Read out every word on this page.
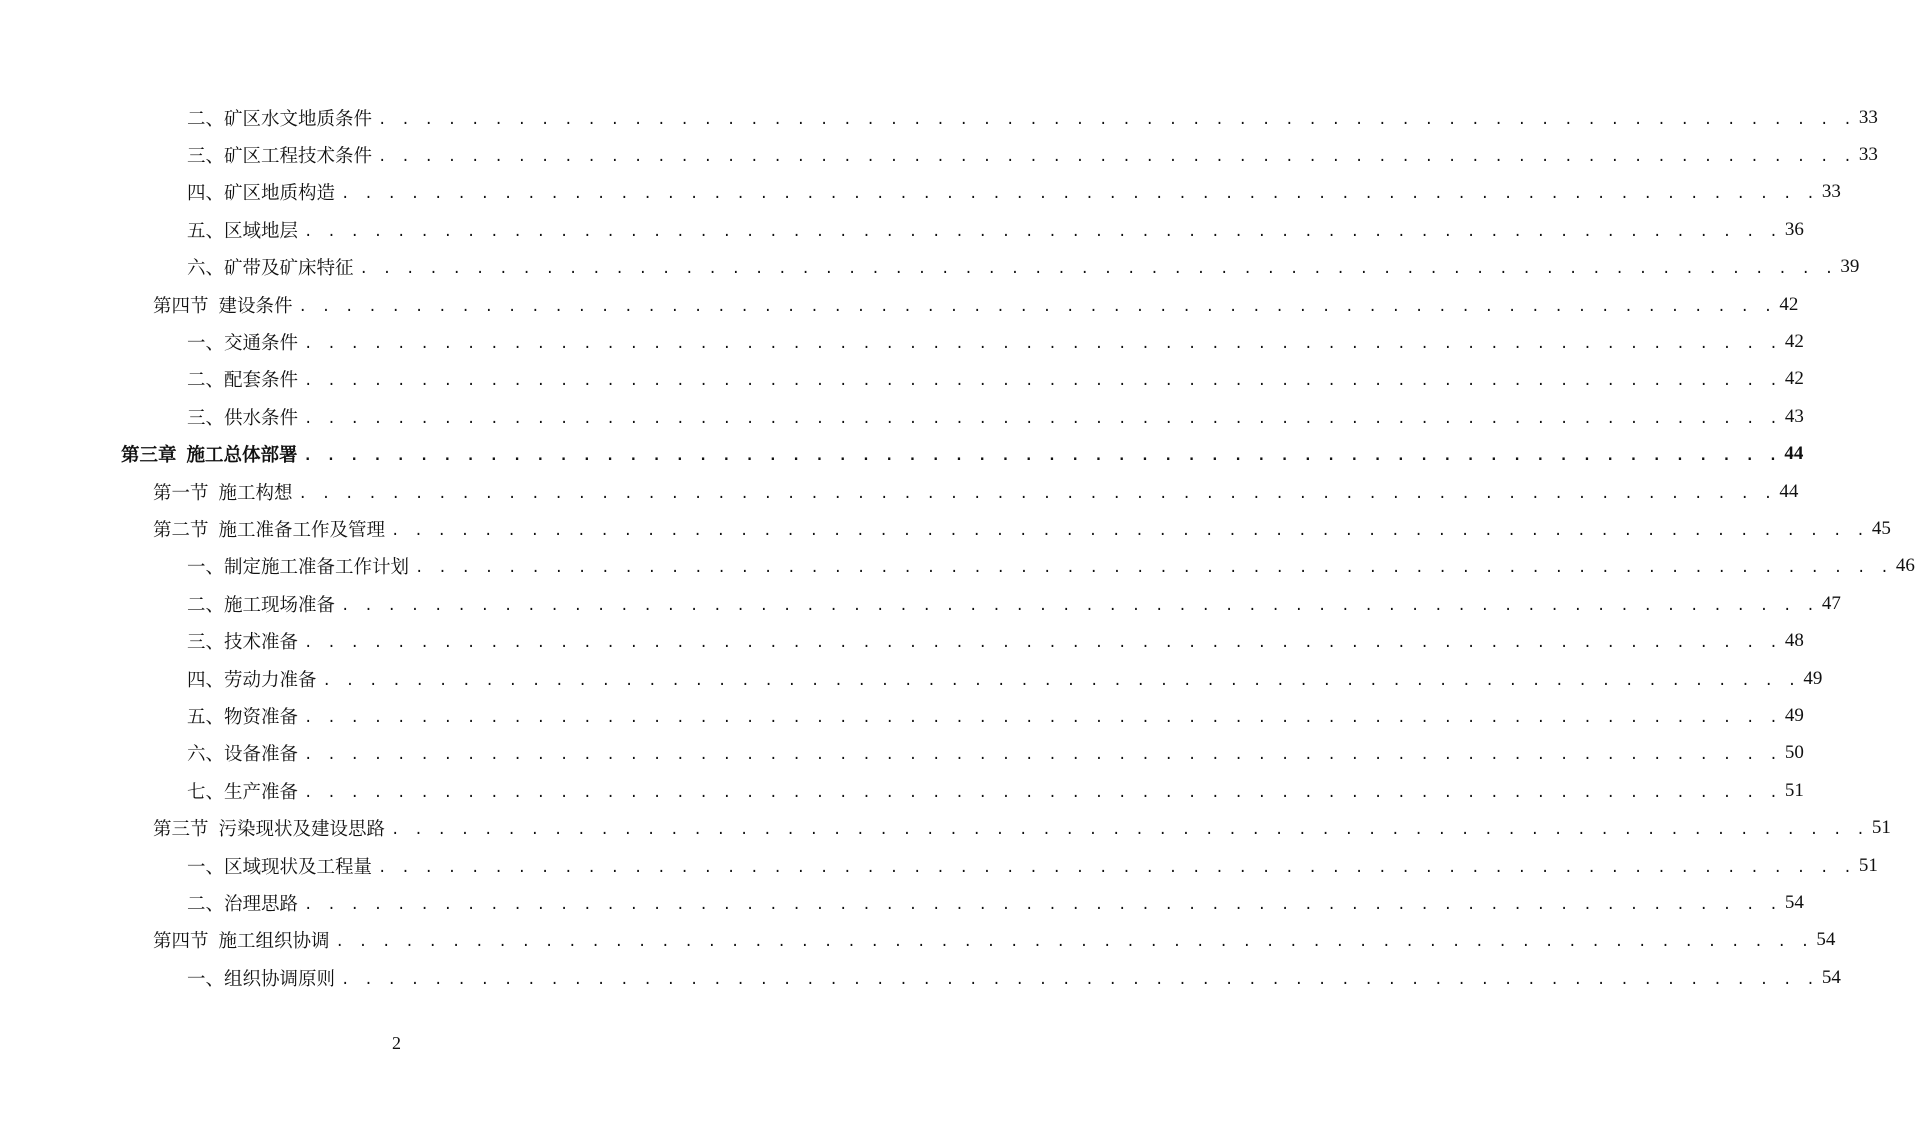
二、矿区水文地质条件 . . . . . . . . . . . . . . . . . . . . . . . . . . . . . . . . . . . . . . . . . . . . . . . . . . . . . . . . . . . . . . . . 33
三、矿区工程技术条件 . . . . . . . . . . . . . . . . . . . . . . . . . . . . . . . . . . . . . . . . . . . . . . . . . . . . . . . . . . . . . . . . 33
四、矿区地质构造 . . . . . . . . . . . . . . . . . . . . . . . . . . . . . . . . . . . . . . . . . . . . . . . . . . . . . . . . . . . . . . . . 33
五、区域地层 . . . . . . . . . . . . . . . . . . . . . . . . . . . . . . . . . . . . . . . . . . . . . . . . . . . . . . . . . . . . . . . . 36
六、矿带及矿床特征 . . . . . . . . . . . . . . . . . . . . . . . . . . . . . . . . . . . . . . . . . . . . . . . . . . . . . . . . . . . . . . . . 39
第四节 建设条件 . . . . . . . . . . . . . . . . . . . . . . . . . . . . . . . . . . . . . . . . . . . . . . . . . . . . . . . . . . . . . . . . 42
一、交通条件 . . . . . . . . . . . . . . . . . . . . . . . . . . . . . . . . . . . . . . . . . . . . . . . . . . . . . . . . . . . . . . . . 42
二、配套条件 . . . . . . . . . . . . . . . . . . . . . . . . . . . . . . . . . . . . . . . . . . . . . . . . . . . . . . . . . . . . . . . . 42
三、供水条件 . . . . . . . . . . . . . . . . . . . . . . . . . . . . . . . . . . . . . . . . . . . . . . . . . . . . . . . . . . . . . . . . 43
第三章 施工总体部署 . . . . . . . . . . . . . . . . . . . . . . . . . . . . . . . . . . . . . . . . . . . . . . . . . . . . . . . . . . . . . . . . 44
第一节 施工构想 . . . . . . . . . . . . . . . . . . . . . . . . . . . . . . . . . . . . . . . . . . . . . . . . . . . . . . . . . . . . . . . . 44
第二节 施工准备工作及管理 . . . . . . . . . . . . . . . . . . . . . . . . . . . . . . . . . . . . . . . . . . . . . . . . . . . . . . . . . . . . . . . . 45
一、制定施工准备工作计划 . . . . . . . . . . . . . . . . . . . . . . . . . . . . . . . . . . . . . . . . . . . . . . . . . . . . . . . . . . . . . . . . 46
二、施工现场准备 . . . . . . . . . . . . . . . . . . . . . . . . . . . . . . . . . . . . . . . . . . . . . . . . . . . . . . . . . . . . . . . . 47
三、技术准备 . . . . . . . . . . . . . . . . . . . . . . . . . . . . . . . . . . . . . . . . . . . . . . . . . . . . . . . . . . . . . . . . 48
四、劳动力准备 . . . . . . . . . . . . . . . . . . . . . . . . . . . . . . . . . . . . . . . . . . . . . . . . . . . . . . . . . . . . . . . . 49
五、物资准备 . . . . . . . . . . . . . . . . . . . . . . . . . . . . . . . . . . . . . . . . . . . . . . . . . . . . . . . . . . . . . . . . 49
六、设备准备 . . . . . . . . . . . . . . . . . . . . . . . . . . . . . . . . . . . . . . . . . . . . . . . . . . . . . . . . . . . . . . . . 50
七、生产准备 . . . . . . . . . . . . . . . . . . . . . . . . . . . . . . . . . . . . . . . . . . . . . . . . . . . . . . . . . . . . . . . . 51
第三节 污染现状及建设思路 . . . . . . . . . . . . . . . . . . . . . . . . . . . . . . . . . . . . . . . . . . . . . . . . . . . . . . . . . . . . . . . . 51
一、区域现状及工程量 . . . . . . . . . . . . . . . . . . . . . . . . . . . . . . . . . . . . . . . . . . . . . . . . . . . . . . . . . . . . . . . . 51
二、治理思路 . . . . . . . . . . . . . . . . . . . . . . . . . . . . . . . . . . . . . . . . . . . . . . . . . . . . . . . . . . . . . . . . 54
第四节 施工组织协调 . . . . . . . . . . . . . . . . . . . . . . . . . . . . . . . . . . . . . . . . . . . . . . . . . . . . . . . . . . . . . . . . 54
一、组织协调原则 . . . . . . . . . . . . . . . . . . . . . . . . . . . . . . . . . . . . . . . . . . . . . . . . . . . . . . . . . . . . . . . . 54
2
